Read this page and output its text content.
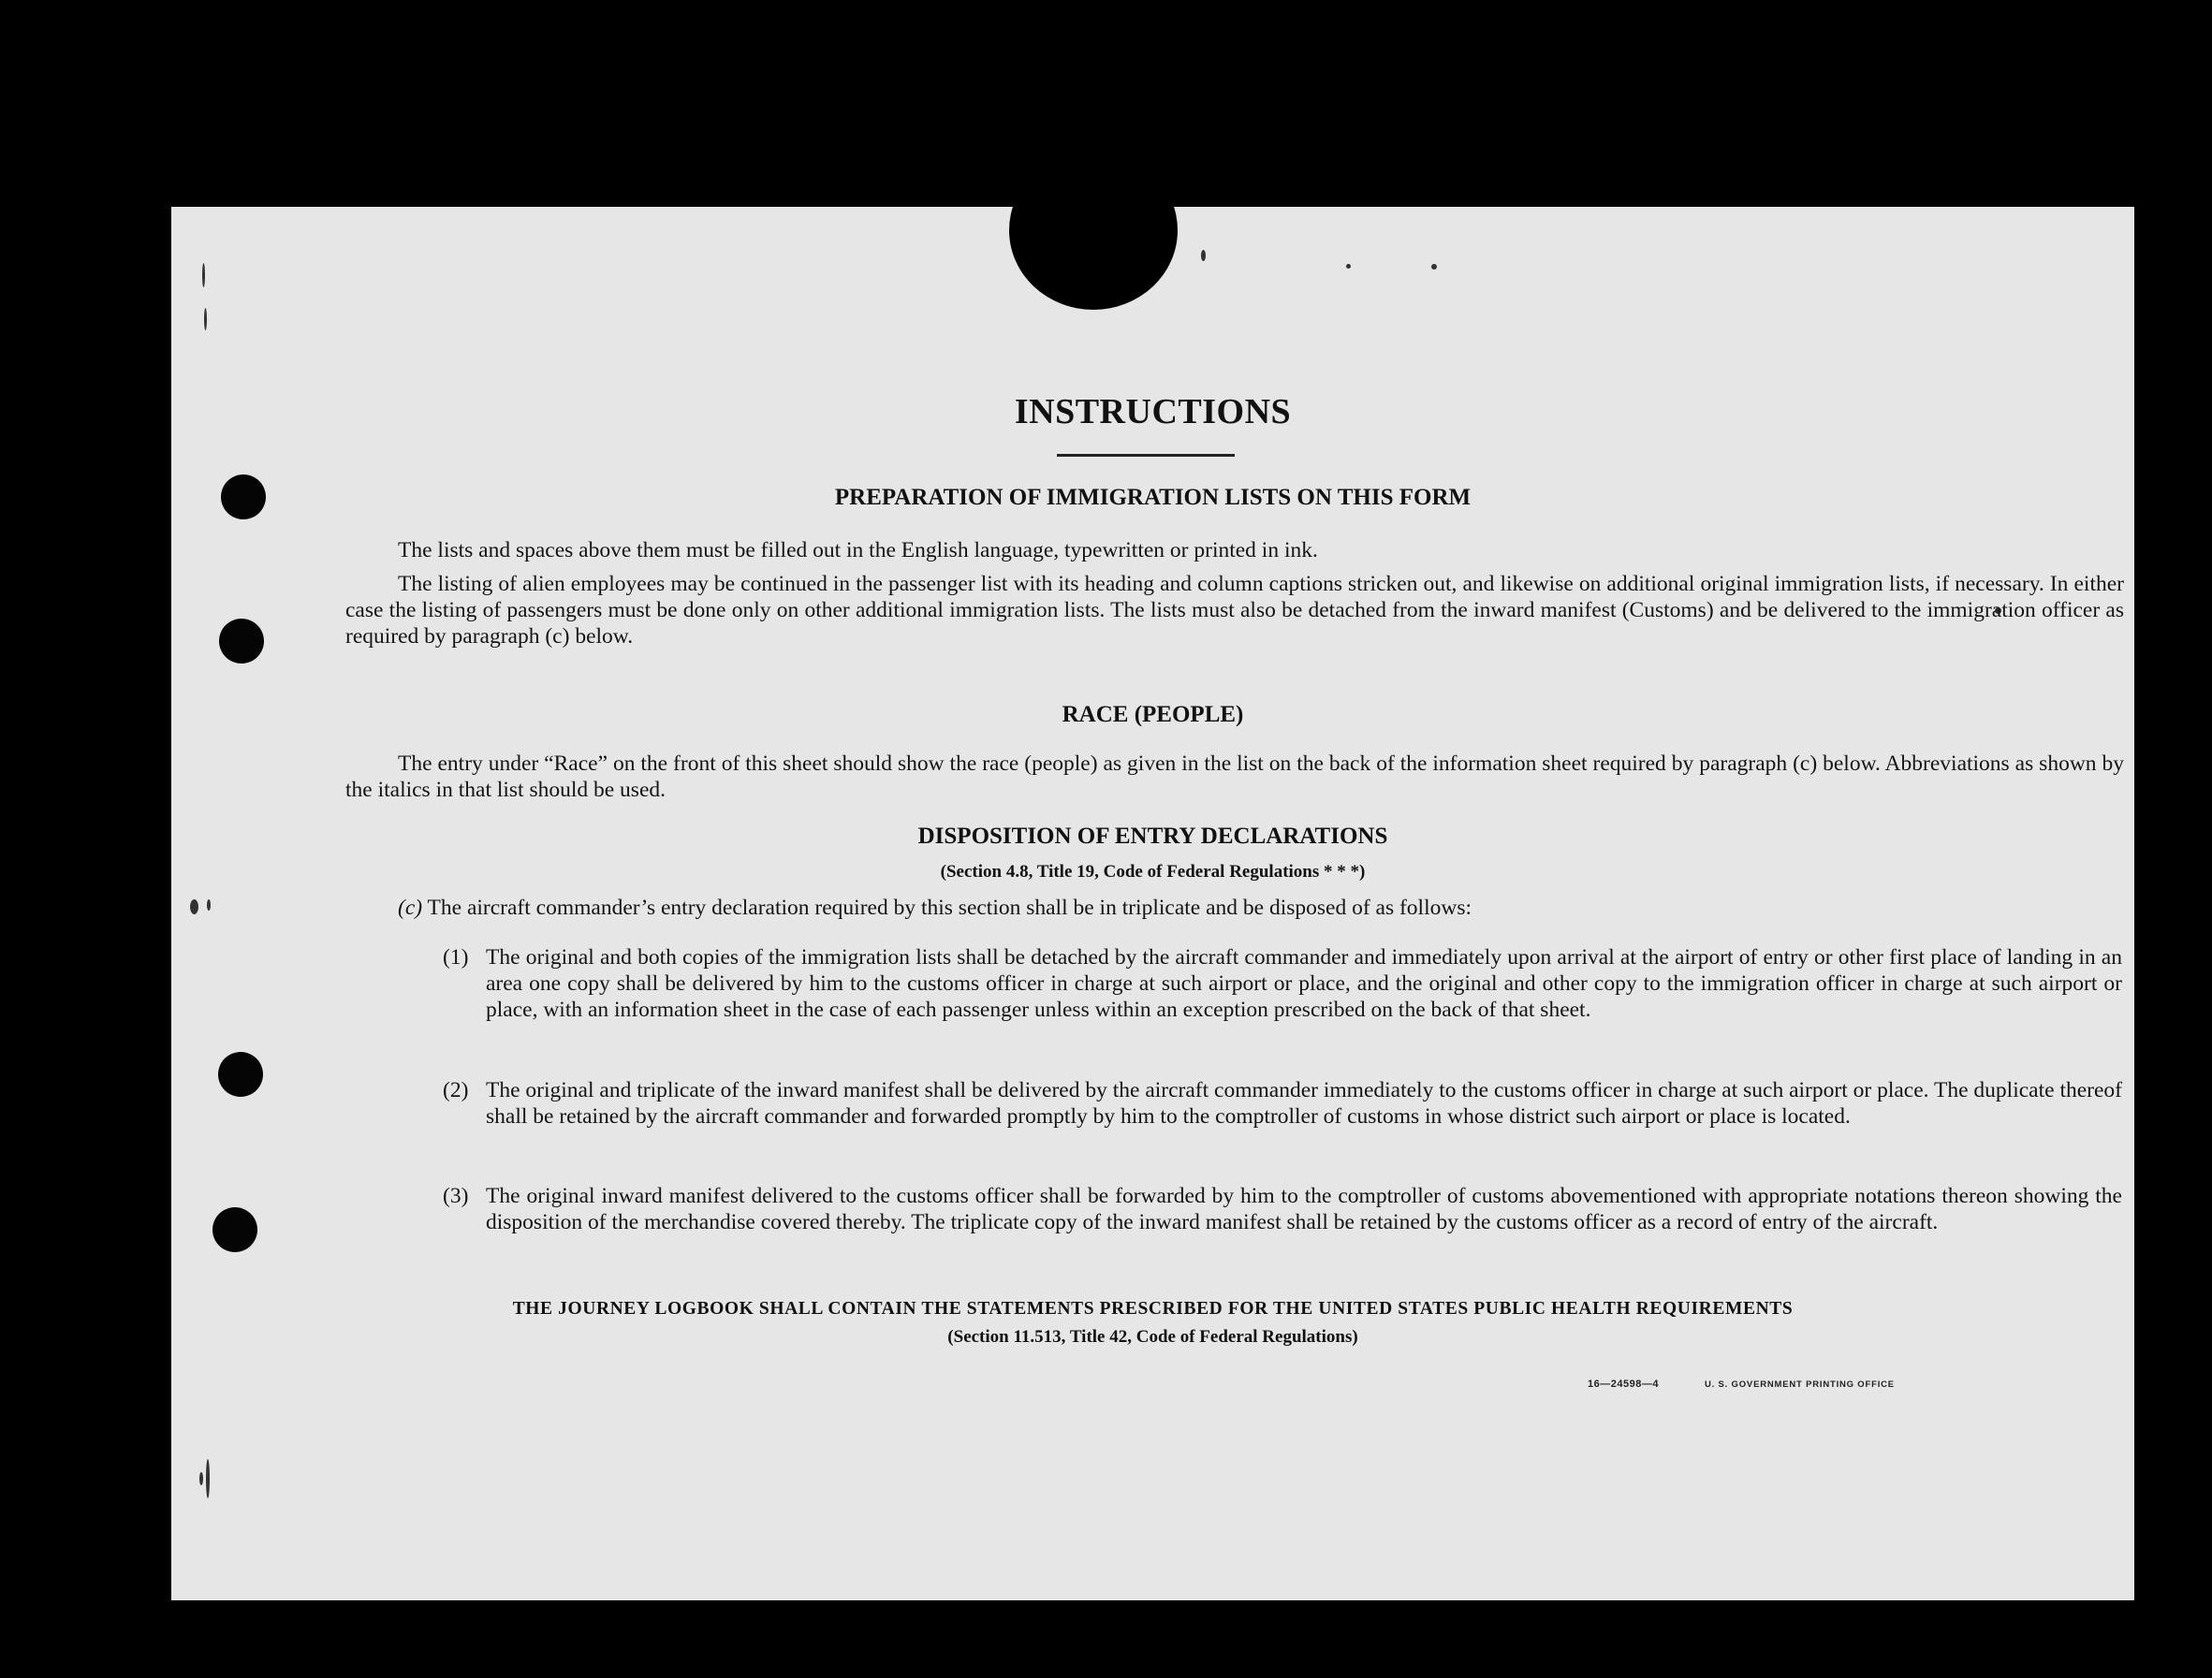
INSTRUCTIONS
PREPARATION OF IMMIGRATION LISTS ON THIS FORM
The lists and spaces above them must be filled out in the English language, typewritten or printed in ink.
The listing of alien employees may be continued in the passenger list with its heading and column captions stricken out, and likewise on additional original immigration lists, if necessary. In either case the listing of passengers must be done only on other additional immigration lists. The lists must also be detached from the inward manifest (Customs) and be delivered to the immigration officer as required by paragraph (c) below.
RACE (PEOPLE)
The entry under “Race” on the front of this sheet should show the race (people) as given in the list on the back of the information sheet required by paragraph (c) below. Abbreviations as shown by the italics in that list should be used.
DISPOSITION OF ENTRY DECLARATIONS
(Section 4.8, Title 19, Code of Federal Regulations * * *)
(c) The aircraft commander’s entry declaration required by this section shall be in triplicate and be disposed of as follows:
(1) The original and both copies of the immigration lists shall be detached by the aircraft commander and immediately upon arrival at the airport of entry or other first place of landing in an area one copy shall be delivered by him to the customs officer in charge at such airport or place, and the original and other copy to the immigration officer in charge at such airport or place, with an information sheet in the case of each passenger unless within an exception prescribed on the back of that sheet.
(2) The original and triplicate of the inward manifest shall be delivered by the aircraft commander immediately to the customs officer in charge at such airport or place. The duplicate thereof shall be retained by the aircraft commander and forwarded promptly by him to the comptroller of customs in whose district such airport or place is located.
(3) The original inward manifest delivered to the customs officer shall be forwarded by him to the comptroller of customs abovementioned with appropriate notations thereon showing the disposition of the merchandise covered thereby. The triplicate copy of the inward manifest shall be retained by the customs officer as a record of entry of the aircraft.
THE JOURNEY LOGBOOK SHALL CONTAIN THE STATEMENTS PRESCRIBED FOR THE UNITED STATES PUBLIC HEALTH REQUIREMENTS
(Section 11.513, Title 42, Code of Federal Regulations)
16—24598—4	U. S. GOVERNMENT PRINTING OFFICE
